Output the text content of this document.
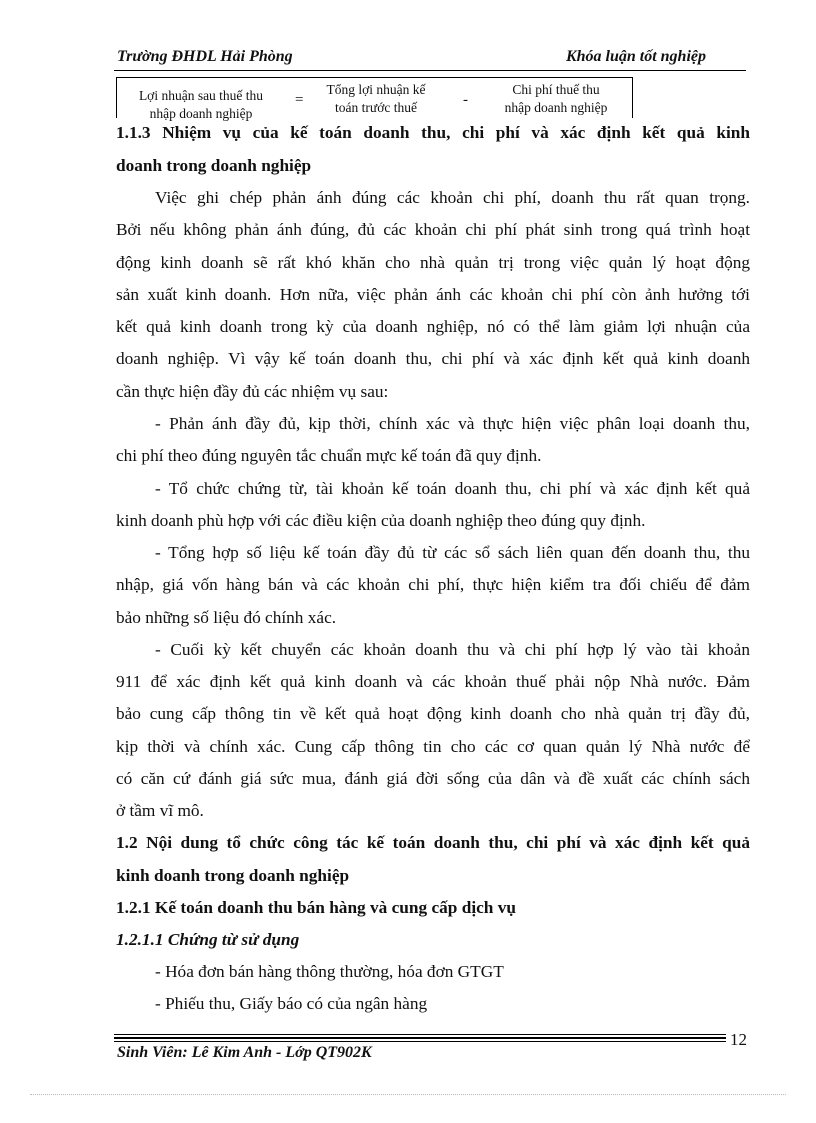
Trường ĐHDL Hải Phòng	Khóa luận tốt nghiệp
Lợi nhuận sau thuế thu
nhập doanh nghiệp
=
Tổng lợi nhuận kế
toán trước thuế	-
Chi phí thuế thu
nhập doanh nghiệp
1.1.3 Nhiệm vụ của kế toán doanh thu, chi phí và xác định kết quả kinh
doanh trong doanh nghiệp
Việc ghi chép phản ánh đúng các khoản chi phí, doanh thu rất quan trọng.
Bởi nếu không phản ánh đúng, đủ các khoản chi phí phát sinh trong quá trình hoạt
động kinh doanh sẽ rất khó khăn cho nhà quản trị trong việc quản lý hoạt động
sản xuất kinh doanh. Hơn nữa, việc phản ánh các khoản chi phí còn ảnh hưởng tới
kết quả kinh doanh trong kỳ của doanh nghiệp, nó có thể làm giảm lợi nhuận của
doanh nghiệp. Vì vậy kế toán doanh thu, chi phí và xác định kết quả kinh doanh
cần thực hiện đầy đủ các nhiệm vụ sau:
- Phản ánh đầy đủ, kịp thời, chính xác và thực hiện việc phân loại doanh thu,
chi phí theo đúng nguyên tắc chuẩn mực kế toán đã quy định.
- Tổ chức chứng từ, tài khoản kế toán doanh thu, chi phí và xác định kết quả
kinh doanh phù hợp với các điều kiện của doanh nghiệp theo đúng quy định.
- Tổng hợp số liệu kế toán đầy đủ từ các sổ sách liên quan đến doanh thu, thu
nhập, giá vốn hàng bán và các khoản chi phí, thực hiện kiểm tra đối chiếu để đảm
bảo những số liệu đó chính xác.
- Cuối kỳ kết chuyển các khoản doanh thu và chi phí hợp lý vào tài khoản
911 để xác định kết quả kinh doanh và các khoản thuế phải nộp Nhà nước. Đảm
bảo cung cấp thông tin về kết quả hoạt động kinh doanh cho nhà quản trị đầy đủ,
kịp thời và chính xác. Cung cấp thông tin cho các cơ quan quản lý Nhà nước để
có căn cứ đánh giá sức mua, đánh giá đời sống của dân và đề xuất các chính sách
ở tầm vĩ mô.
1.2 Nội dung tổ chức công tác kế toán doanh thu, chi phí và xác định kết quả
kinh doanh trong doanh nghiệp
1.2.1 Kế toán doanh thu bán hàng và cung cấp dịch vụ
1.2.1.1 Chứng từ sử dụng
- Hóa đơn bán hàng thông thường, hóa đơn GTGT
- Phiếu thu, Giấy báo có của ngân hàng
12
Sinh Viên: Lê Kim Anh - Lớp QT902K
